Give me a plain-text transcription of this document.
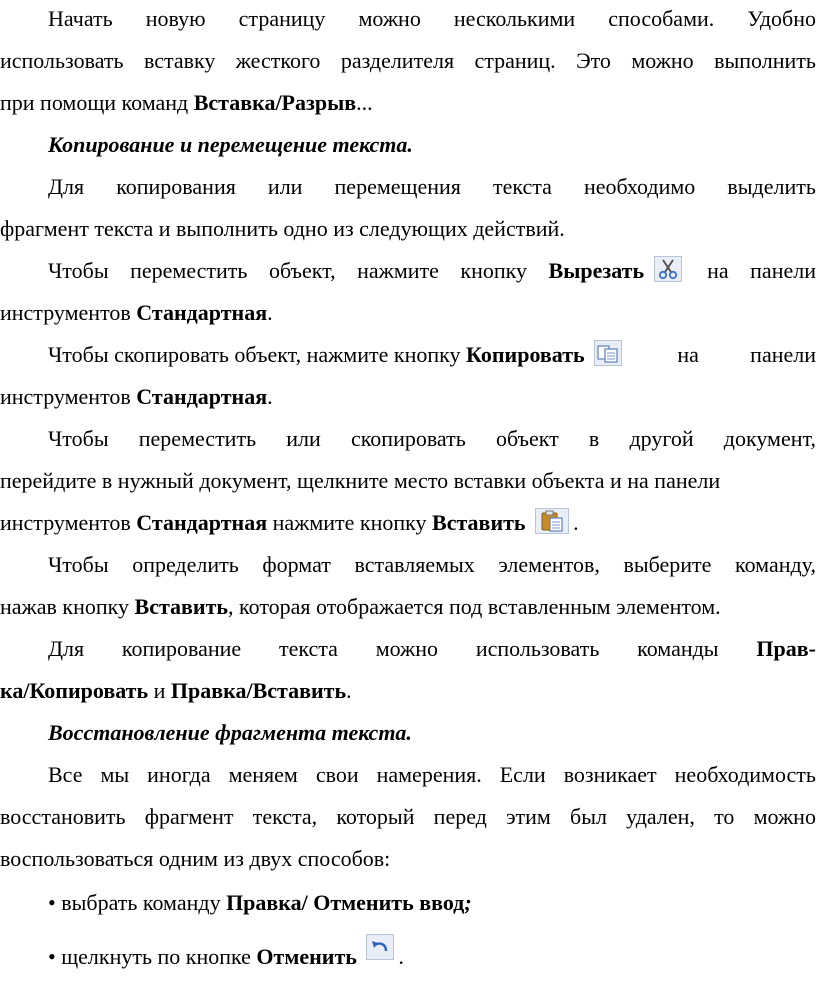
Начать новую страницу можно несколькими способами. Удобно
использовать вставку жесткого разделителя страниц. Это можно выполнить
при помощи команд Вставка/Разрыв...
Копирование и перемещение текста.
Для копирования или перемещения текста необходимо выделить
фрагмент текста и выполнить одно из следующих действий.
Чтобы переместить объект, нажмите кнопку Вырезать	на панели
инструментов Стандартная.
Чтобы скопировать объект, нажмите кнопку Копировать	на панели
инструментов Стандартная.
Чтобы переместить или скопировать объект в другой документ,
перейдите в нужный документ, щелкните место вставки объекта и на панели
инструментов Стандартная нажмите кнопку Вставить .
Чтобы определить формат вставляемых элементов, выберите команду,
нажав кнопку Вставить, которая отображается под вставленным элементом.
Для копирование текста можно использовать команды Прав-
ка/Копировать и Правка/Вставить.
Восстановление фрагмента текста.
Все мы иногда меняем свои намерения. Если возникает необходимость
восстановить фрагмент текста, который перед этим был удален, то можно
воспользоваться одним из двух способов:
• выбрать команду Правка/ Отменить ввод;
• щелкнуть по кнопке Отменить .
